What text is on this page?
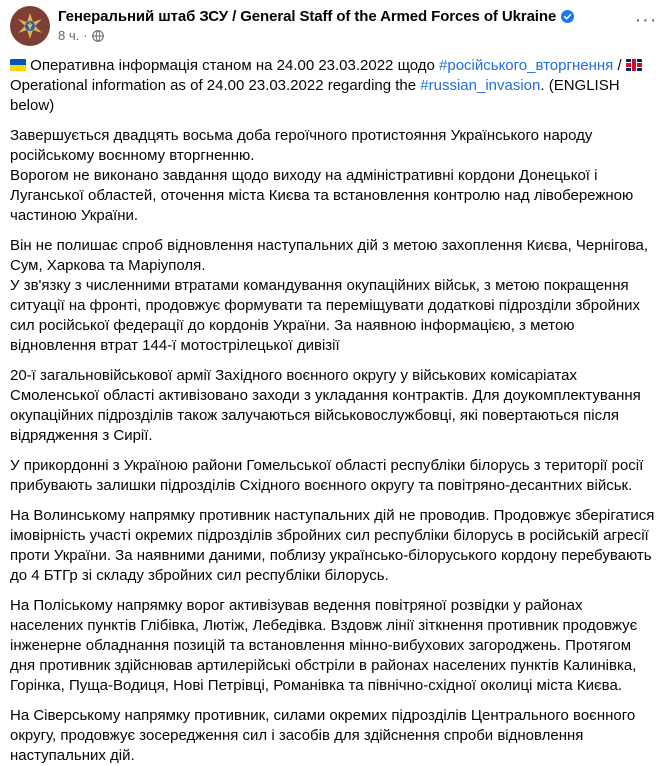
Генеральний штаб ЗСУ / General Staff of the Armed Forces of Ukraine
8 ч. ·
···

Оперативна інформація станом на 24.00 23.03.2022 щодо #російського_вторгнення /  Operational information as of 24.00 23.03.2022 regarding the #russian_invasion. (ENGLISH below)

Завершується двадцять восьма доба героїчного протистояння Українського народу російському воєнному вторгненню.
Ворогом не виконано завдання щодо виходу на адміністративні кордони Донецької і Луганської областей, оточення міста Києва та встановлення контролю над лівобережною частиною України.

Він не полишає спроб відновлення наступальних дій з метою захоплення Києва, Чернігова, Сум, Харкова та Маріуполя.
У зв'язку з численними втратами командування окупаційних військ, з метою покращення ситуації на фронті, продовжує формувати та переміщувати додаткові підрозділи збройних сил російської федерації до кордонів України. За наявною інформацією, з метою відновлення втрат 144-ї мотострілецької дивізії

20-ї загальновійськової армії Західного воєнного округу у військових комісаріатах Смоленської області активізовано заходи з укладання контрактів. Для доукомплектування окупаційних підрозділів також залучаються військовослужбовці, які повертаються після відрядження з Сирії.

У прикордонні з Україною райони Гомельської області республіки білорусь з території росії прибувають залишки підрозділів Східного воєнного округу та повітряно-десантних військ.

На Волинському напрямку противник наступальних дій не проводив. Продовжує зберігатися імовірність участі окремих підрозділів збройних сил республіки білорусь в російській агресії проти України. За наявними даними, поблизу українсько-білоруського кордону перебувають до 4 БТГр зі складу збройних сил республіки білорусь.

На Поліському напрямку ворог активізував ведення повітряної розвідки у районах населених пунктів Глібівка, Лютіж, Лебедівка. Вздовж лінії зіткнення противник продовжує інженерне обладнання позицій та встановлення мінно-вибухових загороджень. Протягом дня противник здійснював артилерійські обстріли в районах населених пунктів Калинівка, Горінка, Пуща-Водиця, Нові Петрівці, Романівка та північно-східної околиці міста Києва.

На Сіверському напрямку противник, силами окремих підрозділів Центрального воєнного округу, продовжує зосередження сил і засобів для здійснення спроби відновлення наступальних дій.
